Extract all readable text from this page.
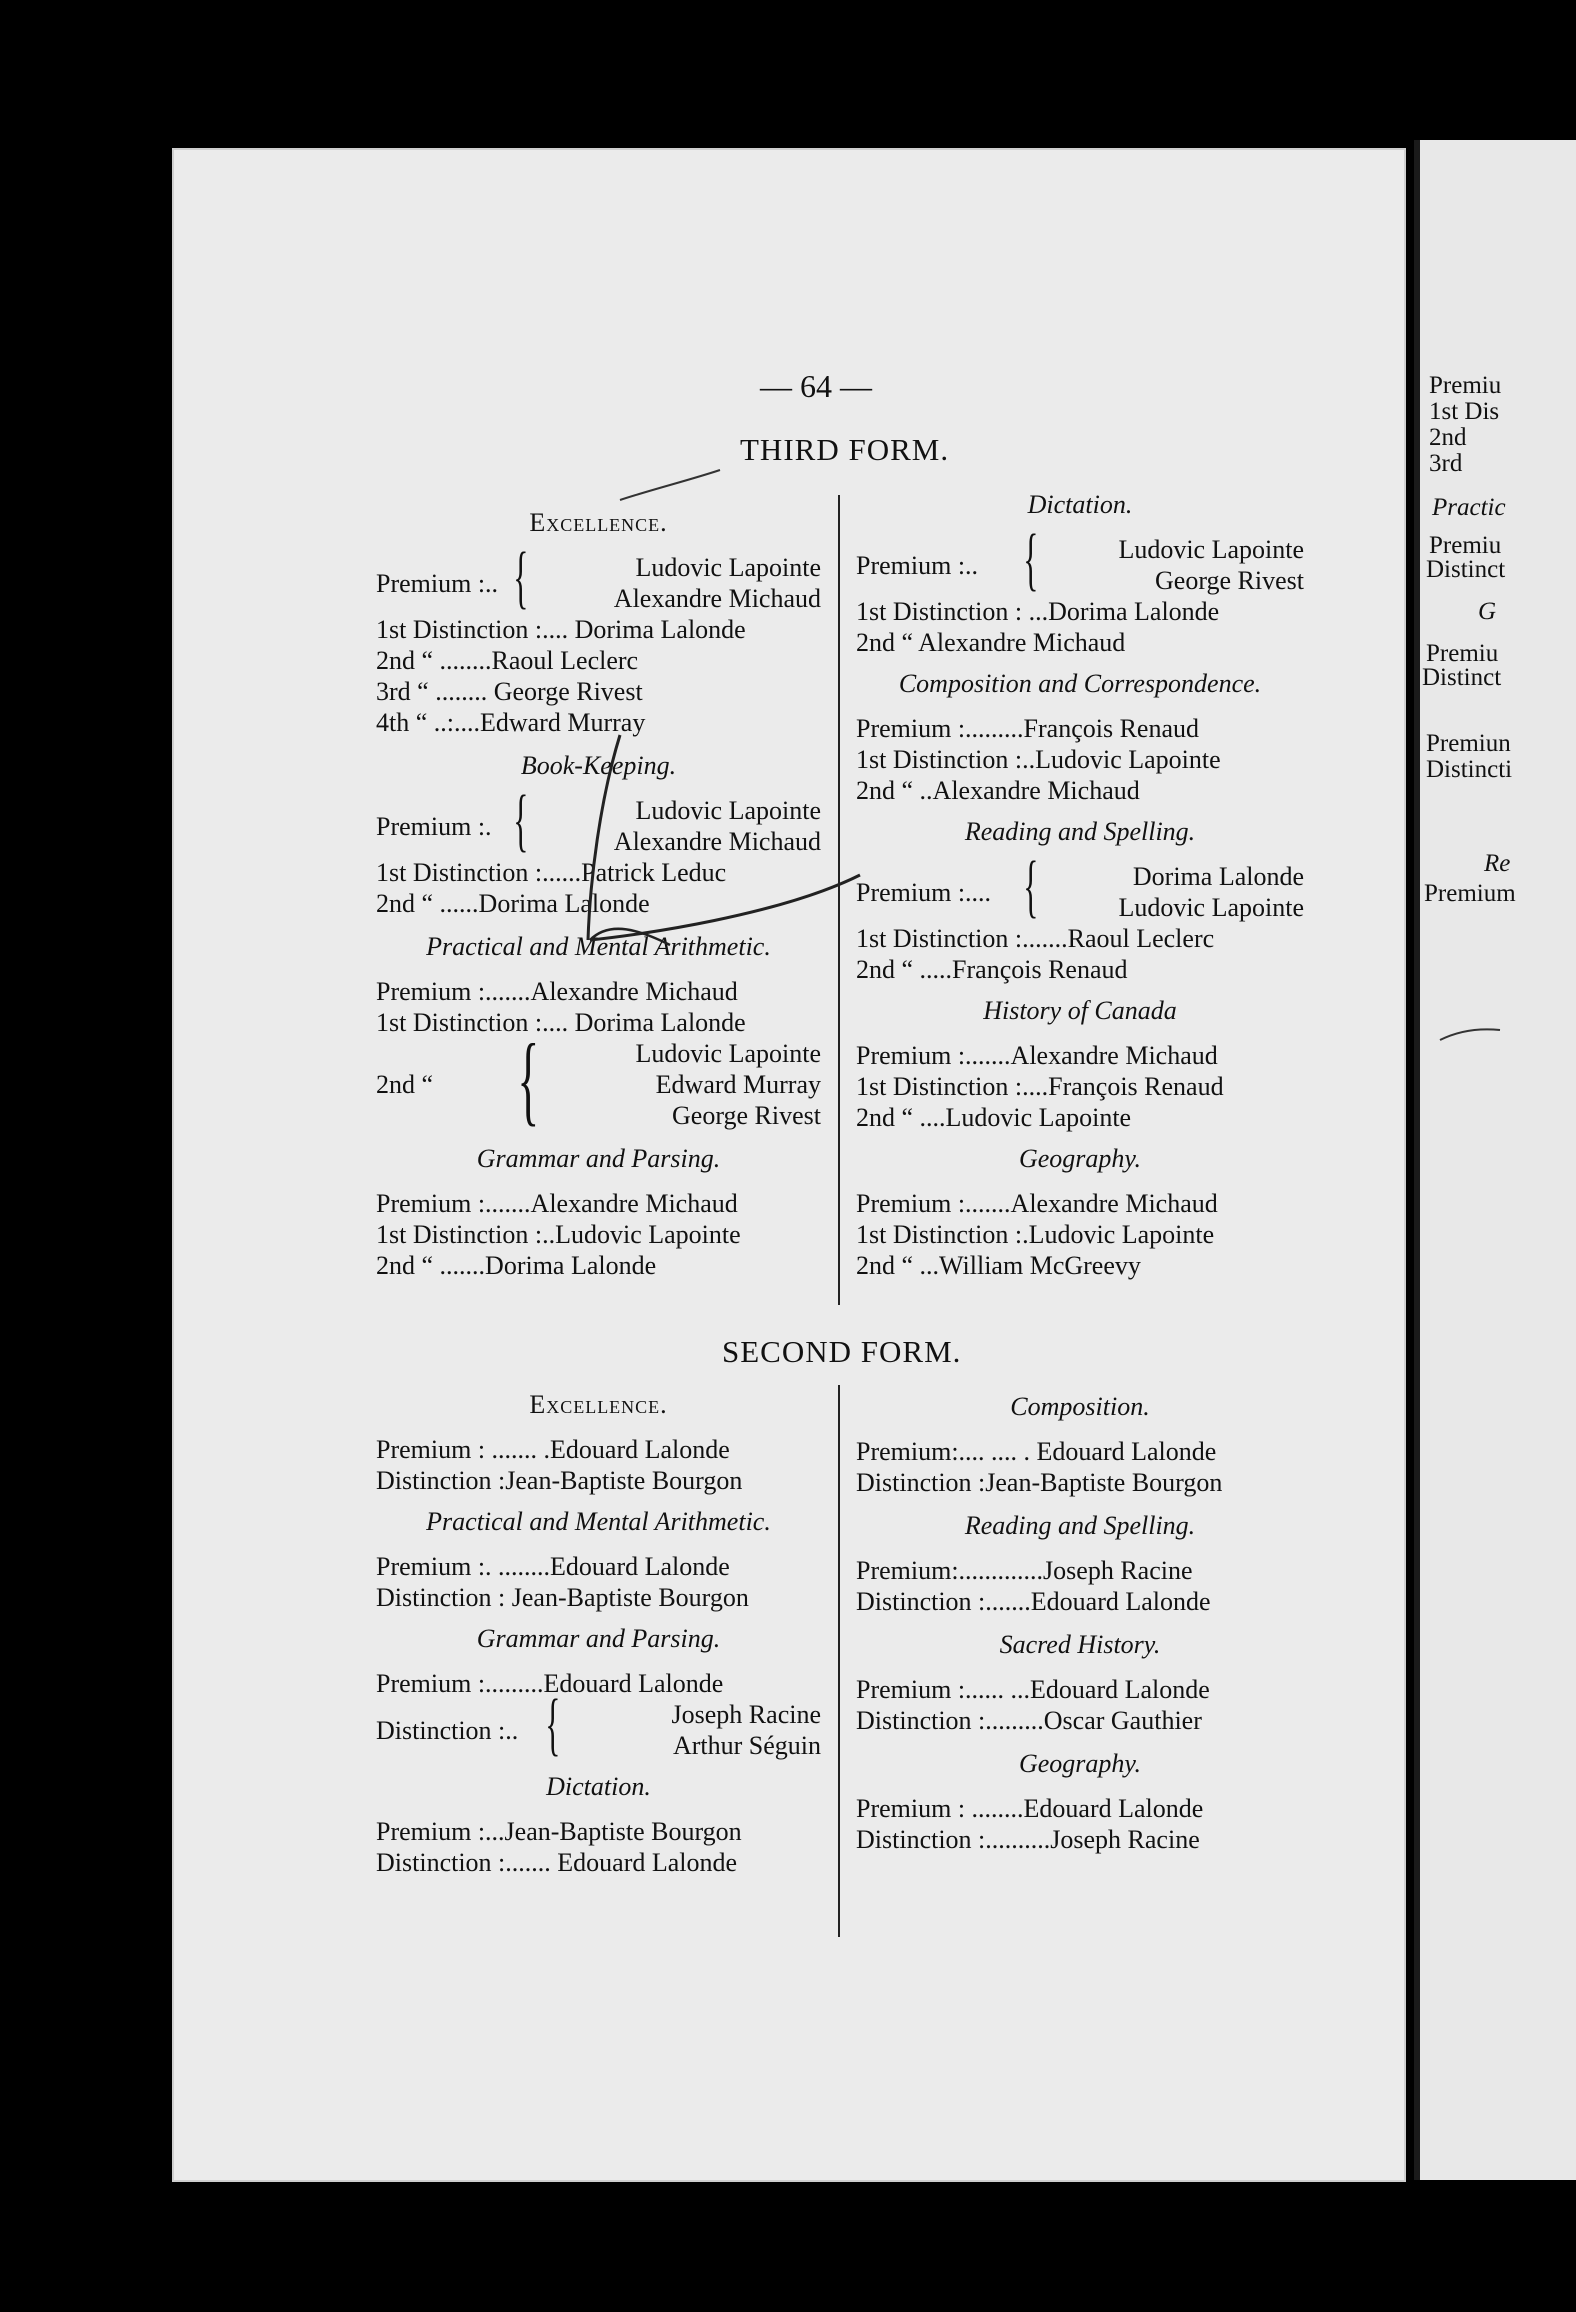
— 64 —
THIRD FORM.
SECOND FORM.
Excellence.
Premium :.. {	Ludovic Lapointe
Alexandre Michaud
1st Distinction :.... Dorima Lalonde
2nd “ ........Raoul Leclerc
3rd “ ........ George Rivest
4th “ ..:....Edward Murray
Book-Keeping.
Premium :. {	Ludovic Lapointe
Alexandre Michaud
1st Distinction :......Patrick Leduc
2nd “ ......Dorima Lalonde
Practical and Mental Arithmetic.
Premium :.......Alexandre Michaud
1st Distinction :.... Dorima Lalonde
2nd “ {	Ludovic Lapointe
Edward Murray
George Rivest
Grammar and Parsing.
Premium :.......Alexandre Michaud
1st Distinction :..Ludovic Lapointe
2nd “ .......Dorima Lalonde
Dictation.
Premium :.. {	Ludovic Lapointe
George Rivest
1st Distinction : ...Dorima Lalonde
2nd “ Alexandre Michaud
Composition and Correspondence.
Premium :.........François Renaud
1st Distinction :..Ludovic Lapointe
2nd “ ..Alexandre Michaud
Reading and Spelling.
Premium :.... {	Dorima Lalonde
Ludovic Lapointe
1st Distinction :.......Raoul Leclerc
2nd “ .....François Renaud
History of Canada
Premium :.......Alexandre Michaud
1st Distinction :....François Renaud
2nd “ ....Ludovic Lapointe
Geography.
Premium :.......Alexandre Michaud
1st Distinction :.Ludovic Lapointe
2nd “ ...William McGreevy
Excellence.
Premium : ....... .Edouard Lalonde
Distinction :Jean-Baptiste Bourgon
Practical and Mental Arithmetic.
Premium :. ........Edouard Lalonde
Distinction : Jean-Baptiste Bourgon
Grammar and Parsing.
Premium :.........Edouard Lalonde
Distinction :.. {	Joseph Racine
Arthur Séguin
Dictation.
Premium :...Jean-Baptiste Bourgon
Distinction :....... Edouard Lalonde
Composition.
Premium:.... .... . Edouard Lalonde
Distinction :Jean-Baptiste Bourgon
Reading and Spelling.
Premium:.............Joseph Racine
Distinction :.......Edouard Lalonde
Sacred History.
Premium :...... ...Edouard Lalonde
Distinction :.........Oscar Gauthier
Geography.
Premium : ........Edouard Lalonde
Distinction :..........Joseph Racine
Premiu
1st Dis
2nd
3rd
Practic
Premiu
Distinct
G
Premiu
Distinct
Premiun
Distincti
Re
Premium
